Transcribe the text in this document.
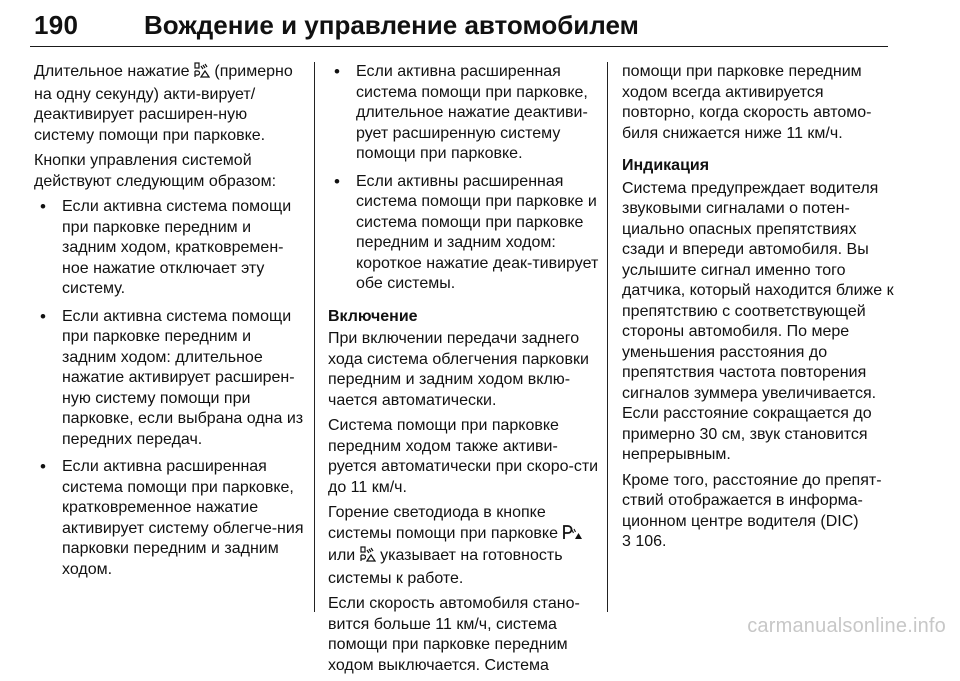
190	Вождение и управление автомобилем

Длительное нажатие  (примерно на одну секунду) акти-вирует/деактивирует расширен-ную систему помощи при парковке.

Кнопки управления системой действуют следующим образом:

• Если активна система помощи при парковке передним и задним ходом, кратковремен-ное нажатие отключает эту систему.
• Если активна система помощи при парковке передним и задним ходом: длительное нажатие активирует расширен-ную систему помощи при парковке, если выбрана одна из передних передач.
• Если активна расширенная система помощи при парковке, кратковременное нажатие активирует систему облегче-ния парковки передним и задним ходом.
• Если активна расширенная система помощи при парковке, длительное нажатие деактиви-рует расширенную систему помощи при парковке.
• Если активны расширенная система помощи при парковке и система помощи при парковке передним и задним ходом: короткое нажатие деак-тивирует обе системы.
Включение

При включении передачи заднего хода система облегчения парковки передним и задним ходом вклю-чается автоматически.

Система помощи при парковке передним ходом также активи-руется автоматически при скоро-сти до 11 км/ч.

Горение светодиода в кнопке системы помощи при парковке  или  указывает на готовность системы к работе.

Если скорость автомобиля стано-вится больше 11 км/ч, система помощи при парковке передним ходом выключается. Система

помощи при парковке передним ходом всегда активируется повторно, когда скорость автомо-биля снижается ниже 11 км/ч.

Индикация

Система предупреждает водителя звуковыми сигналами о потен-циально опасных препятствиях сзади и впереди автомобиля. Вы услышите сигнал именно того датчика, который находится ближе к препятствию с соответствующей стороны автомобиля. По мере уменьшения расстояния до препятствия частота повторения сигналов зуммера увеличивается. Если расстояние сокращается до примерно 30 см, звук становится непрерывным.

Кроме того, расстояние до препят-ствий отображается в информа-ционном центре водителя (DIC)
3 106.

carmanualsonline.info
